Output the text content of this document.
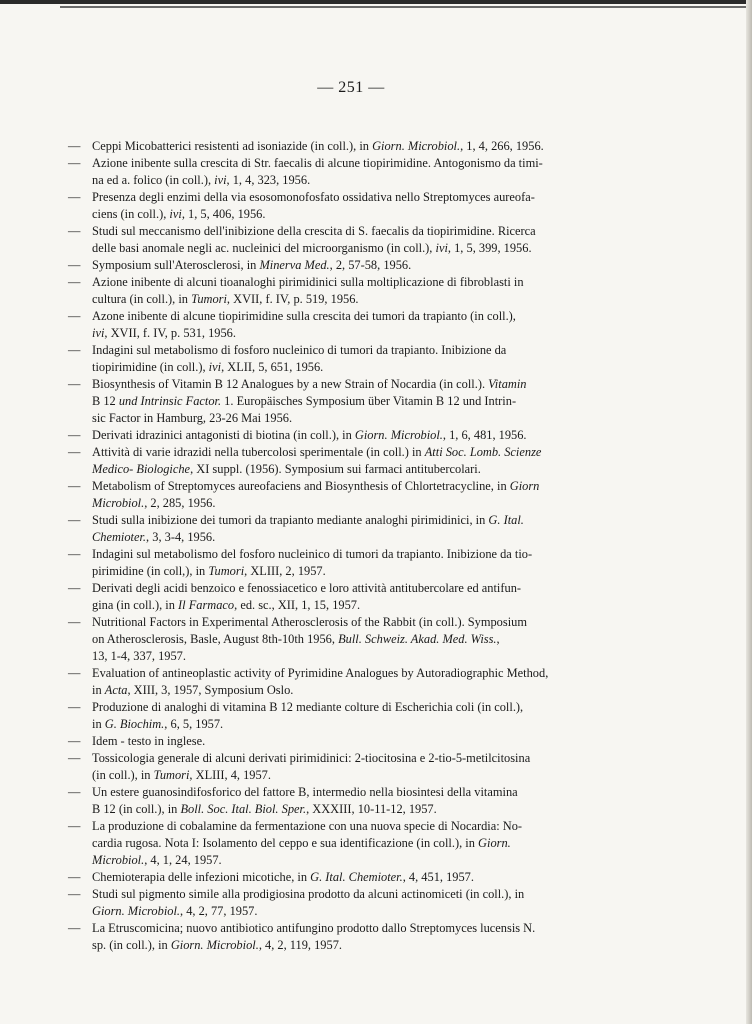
— 251 —
— Ceppi Micobatterici resistenti ad isoniazide (in coll.), in Giorn. Microbiol., 1, 4, 266, 1956.
— Azione inibente sulla crescita di Str. faecalis di alcune tiopirimidine. Antogonismo da timi-
na ed a. folico (in coll.), ivi, 1, 4, 323, 1956.
— Presenza degli enzimi della via esosomonofosfato ossidativa nello Streptomyces aureofa-
ciens (in coll.), ivi, 1, 5, 406, 1956.
— Studi sul meccanismo dell'inibizione della crescita di S. faecalis da tiopirimidine. Ricerca
delle basi anomale negli ac. nucleinici del microorganismo (in coll.), ivi, 1, 5, 399, 1956.
— Symposium sull'Aterosclerosi, in Minerva Med., 2, 57-58, 1956.
— Azione inibente di alcuni tioanaloghi pirimidinici sulla moltiplicazione di fibroblasti in
cultura (in coll.), in Tumori, XVII, f. IV, p. 519, 1956.
— Azone inibente di alcune tiopirimidine sulla crescita dei tumori da trapianto (in coll.),
ivi, XVII, f. IV, p. 531, 1956.
— Indagini sul metabolismo di fosforo nucleinico di tumori da trapianto. Inibizione da
tiopirimidine (in coll.), ivi, XLII, 5, 651, 1956.
— Biosynthesis of Vitamin B 12 Analogues by a new Strain of Nocardia (in coll.). Vitamin
B 12 und Intrinsic Factor. 1. Europäisches Symposium über Vitamin B 12 und Intrin-
sic Factor in Hamburg, 23-26 Mai 1956.
— Derivati idrazinici antagonisti di biotina (in coll.), in Giorn. Microbiol., 1, 6, 481, 1956.
— Attività di varie idrazidi nella tubercolosi sperimentale (in coll.) in Atti Soc. Lomb. Scienze
Medico- Biologiche, XI suppl. (1956). Symposium sui farmaci antitubercolari.
— Metabolism of Streptomyces aureofaciens and Biosynthesis of Chlortetracycline, in Giorn
Microbiol., 2, 285, 1956.
— Studi sulla inibizione dei tumori da trapianto mediante analoghi pirimidinici, in G. Ital.
Chemioter., 3, 3-4, 1956.
— Indagini sul metabolismo del fosforo nucleinico di tumori da trapianto. Inibizione da tio-
pirimidine (in coll,), in Tumori, XLIII, 2, 1957.
— Derivati degli acidi benzoico e fenossiacetico e loro attività antitubercolare ed antifun-
gina (in coll.), in Il Farmaco, ed. sc., XII, 1, 15, 1957.
— Nutritional Factors in Experimental Atherosclerosis of the Rabbit (in coll.). Symposium
on Atherosclerosis, Basle, August 8th-10th 1956, Bull. Schweiz. Akad. Med. Wiss.,
13, 1-4, 337, 1957.
— Evaluation of antineoplastic activity of Pyrimidine Analogues by Autoradiographic Method,
in Acta, XIII, 3, 1957, Symposium Oslo.
— Produzione di analoghi di vitamina B 12 mediante colture di Escherichia coli (in coll.),
in G. Biochim., 6, 5, 1957.
— Idem - testo in inglese.
— Tossicologia generale di alcuni derivati pirimidinici: 2-tiocitosina e 2-tio-5-metilcitosina
(in coll.), in Tumori, XLIII, 4, 1957.
— Un estere guanosindifosforico del fattore B, intermedio nella biosintesi della vitamina
B 12 (in coll.), in Boll. Soc. Ital. Biol. Sper., XXXIII, 10-11-12, 1957.
— La produzione di cobalamine da fermentazione con una nuova specie di Nocardia: No-
cardia rugosa. Nota I: Isolamento del ceppo e sua identificazione (in coll.), in Giorn.
Microbiol., 4, 1, 24, 1957.
— Chemioterapia delle infezioni micotiche, in G. Ital. Chemioter., 4, 451, 1957.
— Studi sul pigmento simile alla prodigiosina prodotto da alcuni actinomiceti (in coll.), in
Giorn. Microbiol., 4, 2, 77, 1957.
— La Etruscomicina; nuovo antibiotico antifungino prodotto dallo Streptomyces lucensis N.
sp. (in coll.), in Giorn. Microbiol., 4, 2, 119, 1957.
